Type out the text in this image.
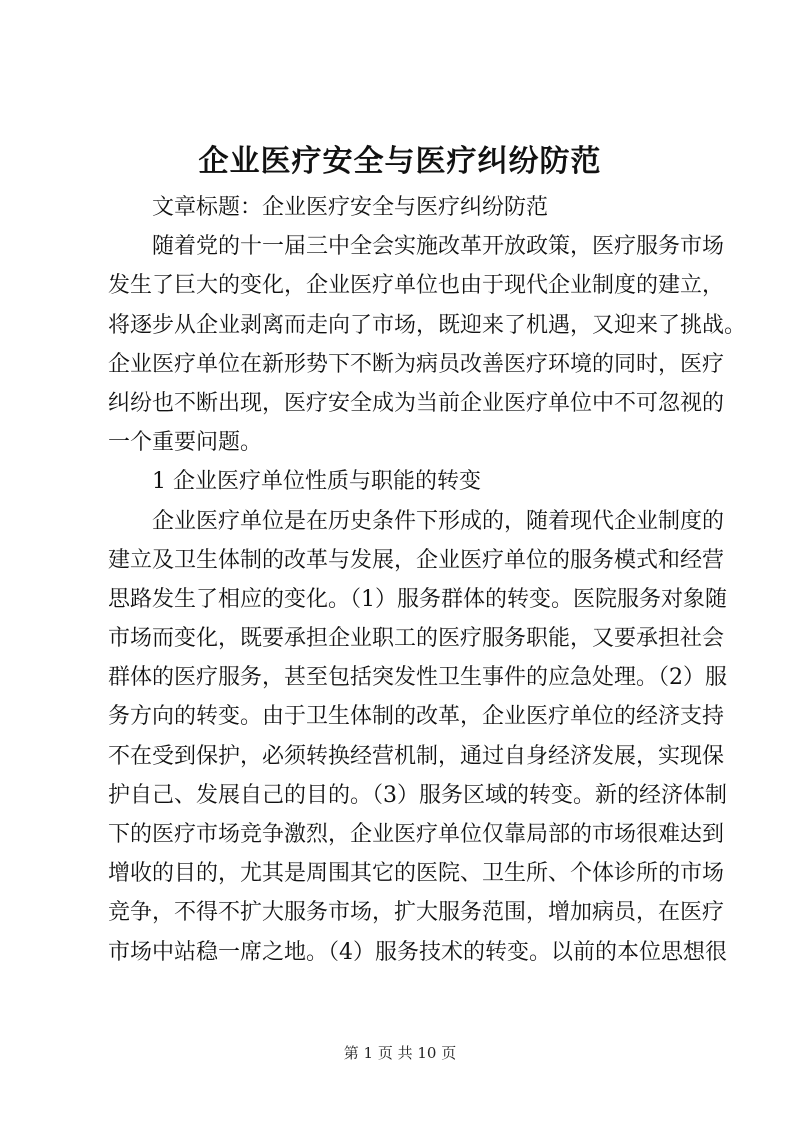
企业医疗安全与医疗纠纷防范
文章标题：企业医疗安全与医疗纠纷防范
随着党的十一届三中全会实施改革开放政策，医疗服务市场
发生了巨大的变化，企业医疗单位也由于现代企业制度的建立，
将逐步从企业剥离而走向了市场，既迎来了机遇，又迎来了挑战。
企业医疗单位在新形势下不断为病员改善医疗环境的同时，医疗
纠纷也不断出现，医疗安全成为当前企业医疗单位中不可忽视的
一个重要问题。
1 企业医疗单位性质与职能的转变
企业医疗单位是在历史条件下形成的，随着现代企业制度的
建立及卫生体制的改革与发展，企业医疗单位的服务模式和经营
思路发生了相应的变化。（1）服务群体的转变。医院服务对象随
市场而变化，既要承担企业职工的医疗服务职能，又要承担社会
群体的医疗服务，甚至包括突发性卫生事件的应急处理。（2）服
务方向的转变。由于卫生体制的改革，企业医疗单位的经济支持
不在受到保护，必须转换经营机制，通过自身经济发展，实现保
护自己、发展自己的目的。（3）服务区域的转变。新的经济体制
下的医疗市场竞争激烈，企业医疗单位仅靠局部的市场很难达到
增收的目的，尤其是周围其它的医院、卫生所、个体诊所的市场
竞争，不得不扩大服务市场，扩大服务范围，增加病员，在医疗
市场中站稳一席之地。（4）服务技术的转变。以前的本位思想很
第 1 页 共 10 页
